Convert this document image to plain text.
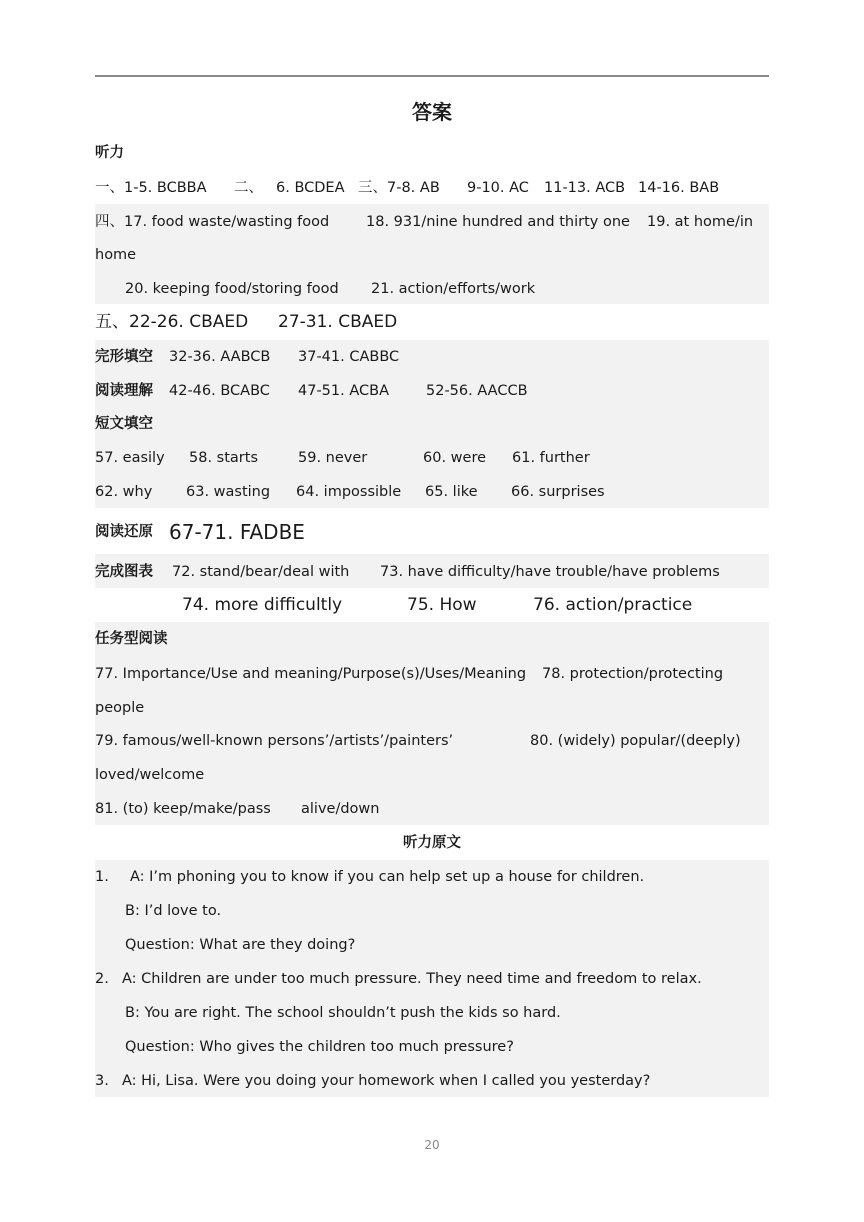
答案
听力
一、1-5. BCBBA 二、 6. BCDEA 三、7-8. AB 9-10. AC 11-13. ACB 14-16. BAB
四、17. food waste/wasting food	18. 931/nine hundred and thirty one 19. at home/in
home
20. keeping food/storing food 21. action/efforts/work
五、22-26. CBAED 27-31. CBAED
完形填空 32-36. AABCB 37-41. CABBC
阅读理解 42-46. BCABC 47-51. ACBA	52-56. AACCB
短文填空
57. easily 58. starts	59. never	60. were 61. further
62. why 63. wasting 64. impossible 65. like 66. surprises
阅读还原 67-71. FADBE
完成图表 72. stand/bear/deal with 73. have difficulty/have trouble/have problems
74. more difficultly	75. How	76. action/practice
任务型阅读
77. Importance/Use and meaning/Purpose(s)/Uses/Meaning 78. protection/protecting
people
79. famous/well-known persons’/artists’/painters’	80. (widely) popular/(deeply)
loved/welcome
81. (to) keep/make/pass alive/down
听力原文
1. A: I’m phoning you to know if you can help set up a house for children.
B: I’d love to.
Question: What are they doing?
2. A: Children are under too much pressure. They need time and freedom to relax.
B: You are right. The school shouldn’t push the kids so hard.
Question: Who gives the children too much pressure?
3. A: Hi, Lisa. Were you doing your homework when I called you yesterday?
20
